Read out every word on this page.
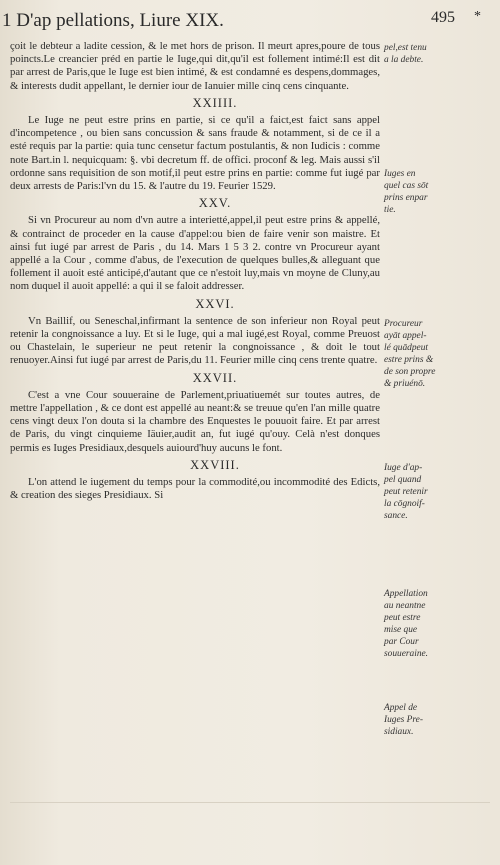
1 D'ap pellations, Liure XIX.	495 *

çoit le debteur a ladite cession, & le met hors de prison. Il meurt apres,poure de tous poincts.Le creancier préd en partie le Iuge,qui dit,qu'il est follement intimé:Il est dit par arrest de Paris,que le Iuge est bien intimé, & est condamné es despens,dommages, & interests dudit appellant, le dernier iour de Ianuier mille cinq cens cinquante.

XXIIII.

Le Iuge ne peut estre prins en partie, si ce qu'il a faict,est faict sans appel d'incompetence , ou bien sans concussion & sans fraude & notamment, si de ce il a esté requis par la partie: quia tunc censetur factum postulantis, & non Iudicis : comme note Bart.in l. nequicquam: §. vbi decretum ff. de offici. proconf & leg. Mais aussi s'il ordonne sans requisition de son motif,il peut estre prins en partie: comme fut iugé par deux arrests de Paris:l'vn du 15. & l'autre du 19. Feurier 1529.

XXV.

Si vn Procureur au nom d'vn autre a interietté,appel,il peut estre prins & appellé, & contrainct de proceder en la cause d'appel:ou bien de faire venir son maistre. Et ainsi fut iugé par arrest de Paris , du 14. Mars 1 5 3 2. contre vn Procureur ayant appellé a la Cour , comme d'abus, de l'execution de quelques bulles,& alleguant que follement il auoit esté anticipé,d'autant que ce n'estoit luy,mais vn moyne de Cluny,au nom duquel il auoit appellé: a qui il se faloit addresser.

XXVI.

Vn Baillif, ou Seneschal,infirmant la sentence de son inferieur non Royal peut retenir la congnoissance a luy. Et si le Iuge, qui a mal iugé,est Royal, comme Preuost ou Chastelain, le superieur ne peut retenir la congnoissance , & doit le tout renuoyer.Ainsi fut iugé par arrest de Paris,du 11. Feurier mille cinq cens trente quatre.

XXVII.

C'est a vne Cour souueraine de Parlement,priuatiuemét sur toutes autres, de mettre l'appellation , & ce dont est appellé au neant:& se treuue qu'en l'an mille quatre cens vingt deux l'on douta si la chambre des Enquestes le pouuoit faire. Et par arrest de Paris, du vingt cinquieme Iäuier,audit an, fut iugé qu'ouy. Celà n'est donques permis es Iuges Presidiaux,desquels auiourd'huy aucuns le font.

XXVIII.

L'on attend le iugement du temps pour la commodité,ou incommodité des Edicts, & creation des sieges Presidiaux. Si

pel,est tenu
a la debte.
Iuges en
quel cas sōt
prins enpar
tie.
Procureur
ayāt appel-
lé quādpeut
estre prins &
de son propre
& priuénō.
Iuge d'ap-
pel quand
peut retenir
la cōgnoif-
sance.
Appellation
au neantne
peut estre
mise que
par Cour
souueraine.
Appel de
Iuges Pre-
sidiaux.
